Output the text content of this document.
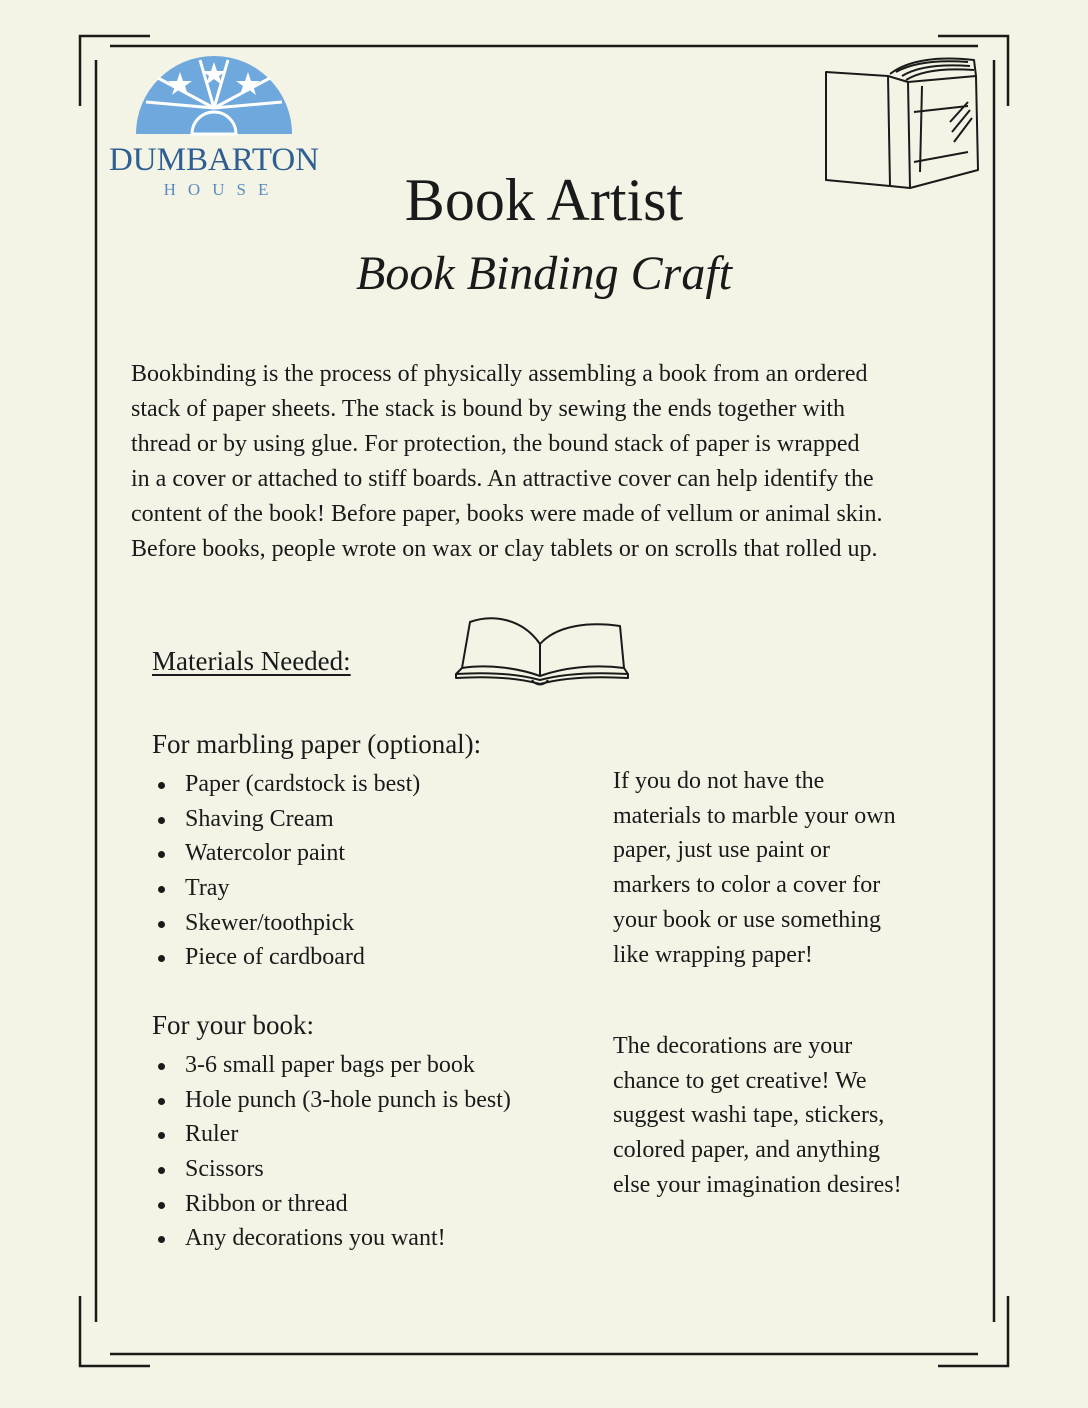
DUMBARTON
HOUSE	Book Artist
Book Binding Craft
Bookbinding is the process of physically assembling a book from an ordered
stack of paper sheets. The stack is bound by sewing the ends together with
thread or by using glue. For protection, the bound stack of paper is wrapped
in a cover or attached to stiff boards. An attractive cover can help identify the
content of the book! Before paper, books were made of vellum or animal skin.
Before books, people wrote on wax or clay tablets or on scrolls that rolled up.
Materials Needed:
For marbling paper (optional):
Paper (cardstock is best)
Shaving Cream
Watercolor paint
Tray
Skewer/toothpick
Piece of cardboard
For your book:
3-6 small paper bags per book
Hole punch (3-hole punch is best)
Ruler
Scissors
Ribbon or thread
Any decorations you want!
If you do not have the
materials to marble your own
paper, just use paint or
markers to color a cover for
your book or use something
like wrapping paper!
The decorations are your
chance to get creative! We
suggest washi tape, stickers,
colored paper, and anything
else your imagination desires!
